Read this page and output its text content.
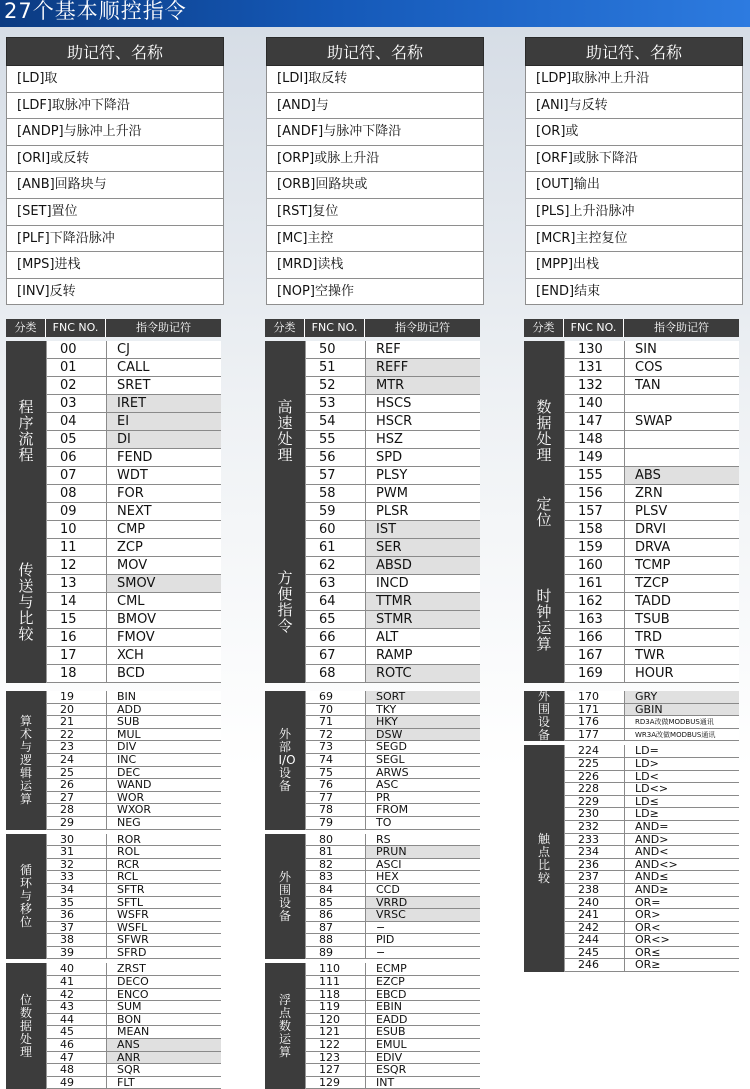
27个基本顺控指令
助记符、名称
[LD]取
[LDF]取脉冲下降沿
[ANDP]与脉冲上升沿
[ORI]或反转
[ANB]回路块与
[SET]置位
[PLF]下降沿脉冲
[MPS]进栈
[INV]反转
助记符、名称
[LDI]取反转
[AND]与
[ANDF]与脉冲下降沿
[ORP]或脉上升沿
[ORB]回路块或
[RST]复位
[MC]主控
[MRD]读栈
[NOP]空操作
助记符、名称
[LDP]取脉冲上升沿
[ANI]与反转
[OR]或
[ORF]或脉下降沿
[OUT]输出
[PLS]上升沿脉冲
[MCR]主控复位
[MPP]出栈
[END]结束
分类	FNC NO.	指令助记符
程序流程
00	CJ
01	CALL
02	SRET
03	IRET
04	EI
05	DI
06	FEND
07	WDT
08	FOR
09	NEXT
传送与比较
10	CMP
11	ZCP
12	MOV
13	SMOV
14	CML
15	BMOV
16	FMOV
17	XCH
18	BCD
算术与逻辑运算
19	BIN
20	ADD
21	SUB
22	MUL
23	DIV
24	INC
25	DEC
26	WAND
27	WOR
28	WXOR
29	NEG
循环与移位
30	ROR
31	ROL
32	RCR
33	RCL
34	SFTR
35	SFTL
36	WSFR
37	WSFL
38	SFWR
39	SFRD
位数据处理
40	ZRST
41	DECO
42	ENCO
43	SUM
44	BON
45	MEAN
46	ANS
47	ANR
48	SQR
49	FLT
分类	FNC NO.	指令助记符
高速处理
50	REF
51	REFF
52	MTR
53	HSCS
54	HSCR
55	HSZ
56	SPD
57	PLSY
58	PWM
59	PLSR
方便指令
60	IST
61	SER
62	ABSD
63	INCD
64	TTMR
65	STMR
66	ALT
67	RAMP
68	ROTC
外部I/O设备
69	SORT
70	TKY
71	HKY
72	DSW
73	SEGD
74	SEGL
75	ARWS
76	ASC
77	PR
78	FROM
79	TO
外围设备
80	RS
81	PRUN
82	ASCI
83	HEX
84	CCD
85	VRRD
86	VRSC
87	−
88	PID
89	−
浮点数运算
110	ECMP
111	EZCP
118	EBCD
119	EBIN
120	EADD
121	ESUB
122	EMUL
123	EDIV
127	ESQR
129	INT
分类	FNC NO.	指令助记符
130	SIN
131	COS
132	TAN
数据处理
140
147	SWAP
148
149
定位
155	ABS
156	ZRN
157	PLSV
158	DRVI
159	DRVA
时钟运算
160	TCMP
161	TZCP
162	TADD
163	TSUB
166	TRD
167	TWR
169	HOUR
外围设备
170	GRY
171	GBIN
176	RD3A改做MODBUS通讯
177	WR3A改做MODBUS通讯
触点比较
224	LD=
225	LD>
226	LD<
228	LD<>
229	LD≤
230	LD≥
232	AND=
233	AND>
234	AND<
236	AND<>
237	AND≤
238	AND≥
240	OR=
241	OR>
242	OR<
244	OR<>
245	OR≤
246	OR≥
